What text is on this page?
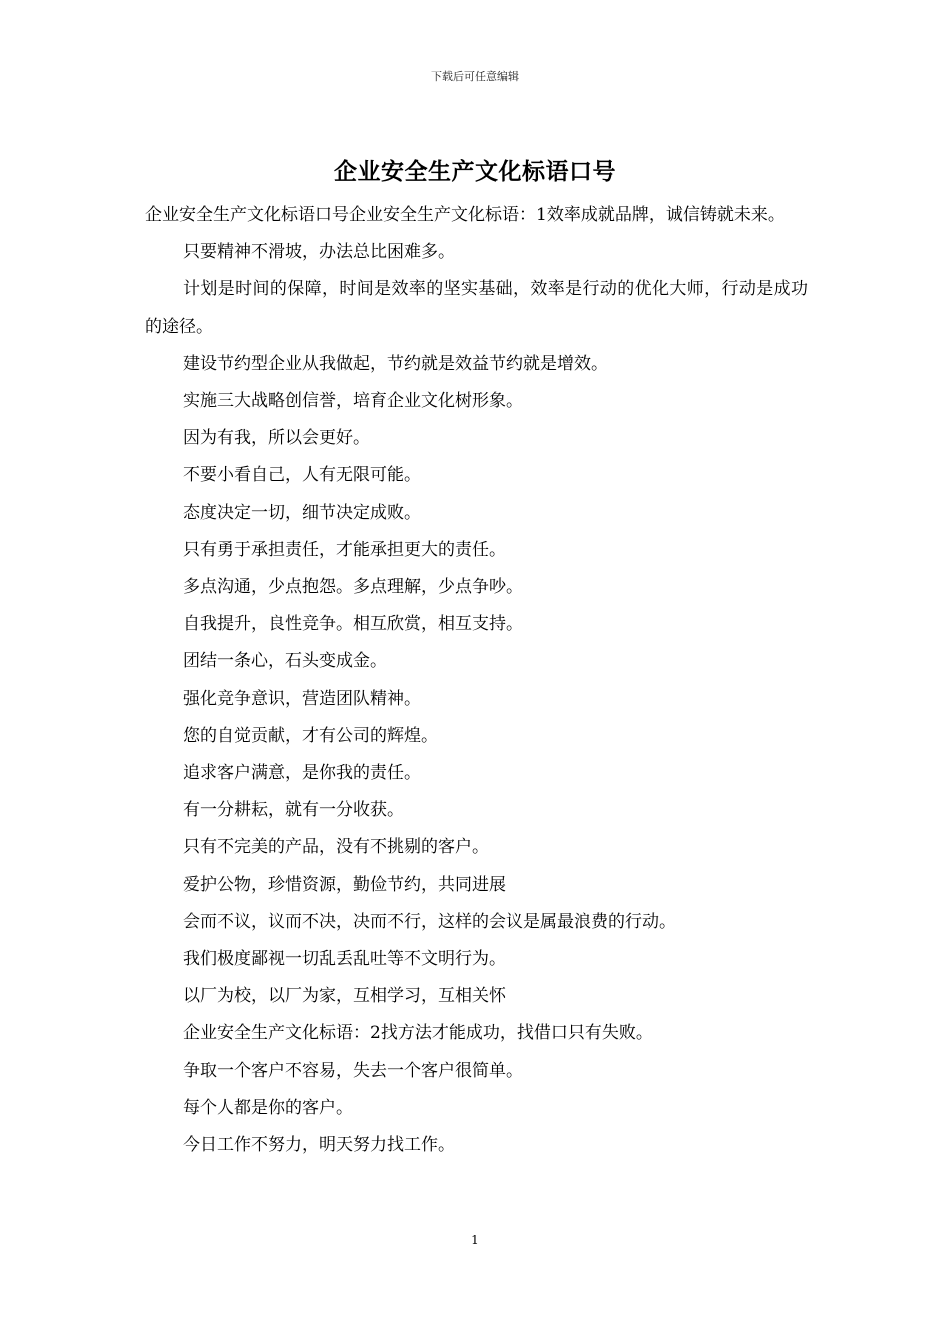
下载后可任意编辑
企业安全生产文化标语口号

企业安全生产文化标语口号企业安全生产文化标语：1效率成就品牌，诚信铸就未来。

只要精神不滑坡，办法总比困难多。

计划是时间的保障，时间是效率的坚实基础，效率是行动的优化大师，行动是成功的途径。

建设节约型企业从我做起，节约就是效益节约就是增效。

实施三大战略创信誉，培育企业文化树形象。

因为有我，所以会更好。

不要小看自己，人有无限可能。

态度决定一切，细节决定成败。

只有勇于承担责任，才能承担更大的责任。

多点沟通，少点抱怨。多点理解，少点争吵。

自我提升，良性竞争。相互欣赏，相互支持。

团结一条心，石头变成金。

强化竞争意识，营造团队精神。

您的自觉贡献，才有公司的辉煌。

追求客户满意，是你我的责任。

有一分耕耘，就有一分收获。

只有不完美的产品，没有不挑剔的客户。

爱护公物，珍惜资源，勤俭节约，共同进展

会而不议，议而不决，决而不行，这样的会议是属最浪费的行动。

我们极度鄙视一切乱丢乱吐等不文明行为。

以厂为校，以厂为家，互相学习，互相关怀

企业安全生产文化标语：2找方法才能成功，找借口只有失败。

争取一个客户不容易，失去一个客户很简单。

每个人都是你的客户。

今日工作不努力，明天努力找工作。

1
